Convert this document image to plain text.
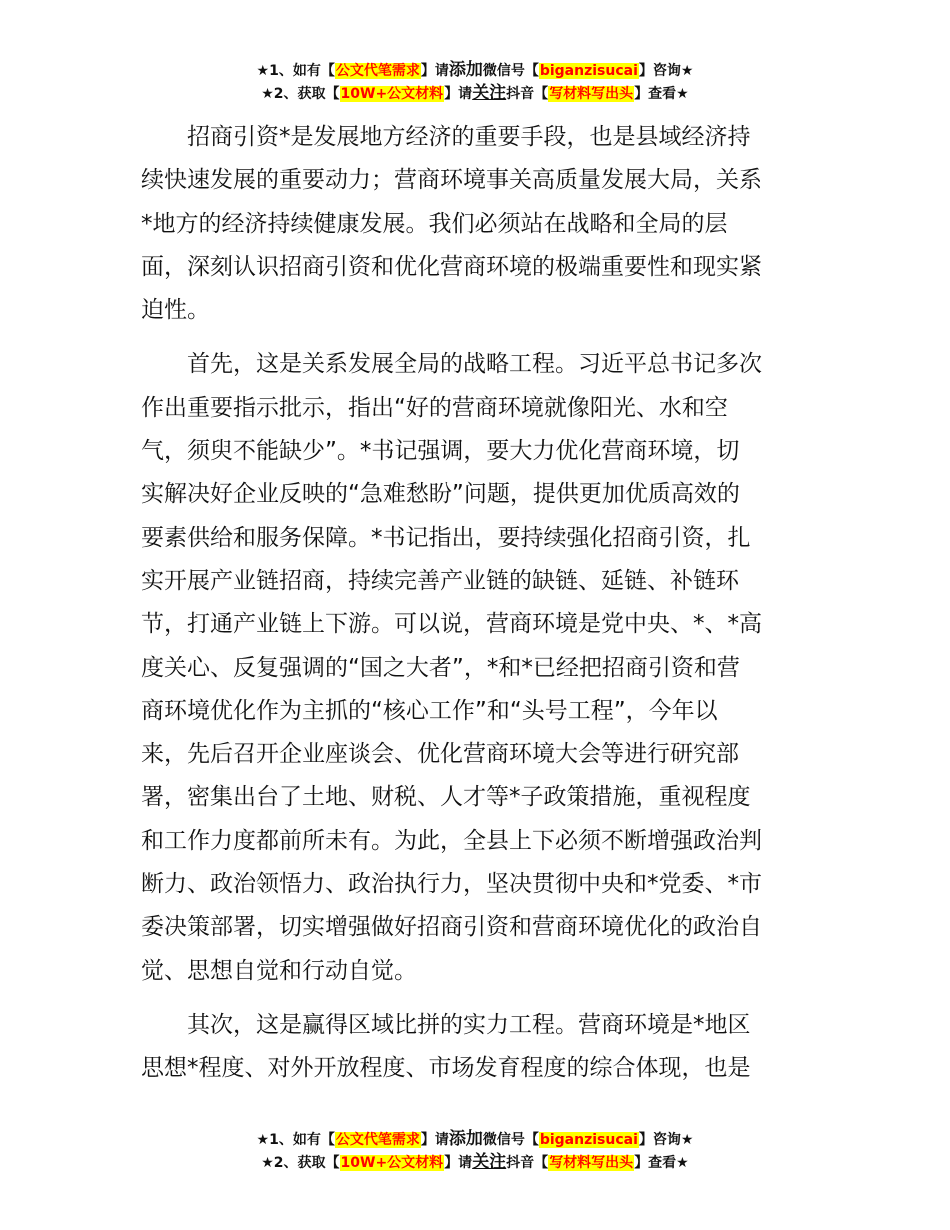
★1、如有【公文代笔需求】请添加微信号【biganzisucai】咨询★
★2、获取【10W+公文材料】请关注抖音【写材料写出头】查看★
招商引资*是发展地方经济的重要手段，也是县域经济持
续快速发展的重要动力；营商环境事关高质量发展大局，关系
*地方的经济持续健康发展。我们必须站在战略和全局的层
面，深刻认识招商引资和优化营商环境的极端重要性和现实紧
迫性。
首先，这是关系发展全局的战略工程。习近平总书记多次
作出重要指示批示，指出“好的营商环境就像阳光、水和空
气，须臾不能缺少”。*书记强调，要大力优化营商环境，切
实解决好企业反映的“急难愁盼”问题，提供更加优质高效的
要素供给和服务保障。*书记指出，要持续强化招商引资，扎
实开展产业链招商，持续完善产业链的缺链、延链、补链环
节，打通产业链上下游。可以说，营商环境是党中央、*、*高
度关心、反复强调的“国之大者”，*和*已经把招商引资和营
商环境优化作为主抓的“核心工作”和“头号工程”，今年以
来，先后召开企业座谈会、优化营商环境大会等进行研究部
署，密集出台了土地、财税、人才等*子政策措施，重视程度
和工作力度都前所未有。为此，全县上下必须不断增强政治判
断力、政治领悟力、政治执行力，坚决贯彻中央和*党委、*市
委决策部署，切实增强做好招商引资和营商环境优化的政治自
觉、思想自觉和行动自觉。
其次，这是赢得区域比拼的实力工程。营商环境是*地区
思想*程度、对外开放程度、市场发育程度的综合体现，也是
★1、如有【公文代笔需求】请添加微信号【biganzisucai】咨询★
★2、获取【10W+公文材料】请关注抖音【写材料写出头】查看★
